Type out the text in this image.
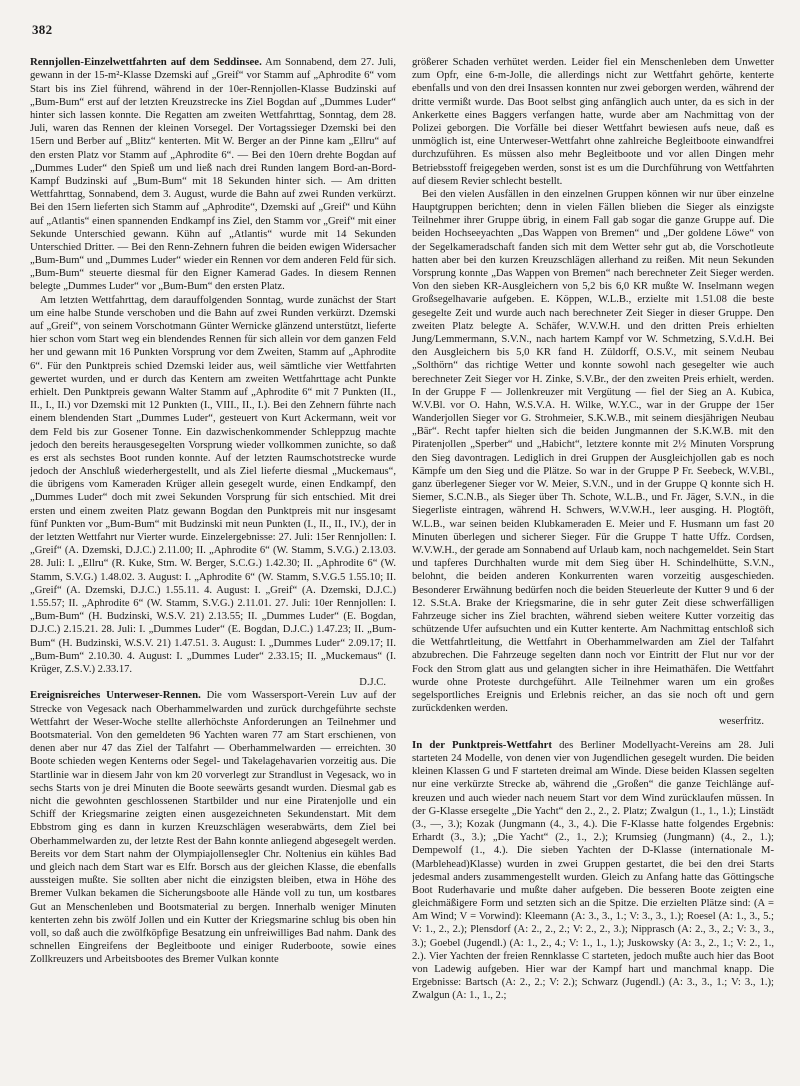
382

Rennjollen-Einzelwettfahrten auf dem Seddinsee. Am Sonnabend, dem 27. Juli, gewann in der 15-m²-Klasse Dzemski auf „Greif“ vor Stamm auf „Aphrodite 6“ vom Start bis ins Ziel führend, während in der 10er-Rennjollen-Klasse Budzinski auf „Bum-Bum“ erst auf der letzten Kreuzstrecke ins Ziel Bogdan auf „Dummes Luder“ hinter sich lassen konnte. Die Regatten am zweiten Wettfahrttag, Sonntag, dem 28. Juli, waren das Rennen der kleinen Vorsegel. Der Vortagssieger Dzemski bei den 15ern und Berber auf „Blitz“ kenterten. Mit W. Berger an der Pinne kam „Ellru“ auf den ersten Platz vor Stamm auf „Aphrodite 6“. — Bei den 10ern drehte Bogdan auf „Dummes Luder“ den Spieß um und ließ nach drei Runden langem Bord-an-Bord-Kampf Budzinski auf „Bum-Bum“ mit 18 Sekunden hinter sich. — Am dritten Wettfahrttag, Sonnabend, dem 3. August, wurde die Bahn auf zwei Runden verkürzt. Bei den 15ern lieferten sich Stamm auf „Aphrodite“, Dzemski auf „Greif“ und Kühn auf „Atlantis“ einen spannenden Endkampf ins Ziel, den Stamm vor „Greif“ mit einer Sekunde Unterschied gewann. Kühn auf „Atlantis“ wurde mit 14 Sekunden Unterschied Dritter. — Bei den Renn-Zehnern fuhren die beiden ewigen Widersacher „Bum-Bum“ und „Dummes Luder“ wieder ein Rennen vor dem anderen Feld für sich. „Bum-Bum“ steuerte diesmal für den Eigner Kamerad Gades. In diesem Rennen belegte „Dummes Luder“ vor „Bum-Bum“ den ersten Platz.

Am letzten Wettfahrttag, dem darauffolgenden Sonntag, wurde zunächst der Start um eine halbe Stunde verschoben und die Bahn auf zwei Runden verkürzt. Dzemski auf „Greif“, von seinem Vorschotmann Günter Wernicke glänzend unterstützt, lieferte hier schon vom Start weg ein blendendes Rennen für sich allein vor dem ganzen Feld her und gewann mit 16 Punkten Vorsprung vor dem Zweiten, Stamm auf „Aphrodite 6“. Für den Punktpreis schied Dzemski leider aus, weil sämtliche vier Wettfahrten gewertet wurden, und er durch das Kentern am zweiten Wettfahrttage acht Punkte erhielt. Den Punktpreis gewann Walter Stamm auf „Aphrodite 6“ mit 7 Punkten (II., II., I., II.) vor Dzemski mit 12 Punkten (I., VIII., II., I.). Bei den Zehnern führte nach einem blendenden Start „Dummes Luder“, gesteuert von Kurt Ackermann, weit vor dem Feld bis zur Gosener Tonne. Ein dazwischenkommender Schleppzug machte jedoch den bereits herausgesegelten Vorsprung wieder vollkommen zunichte, so daß es erst als sechstes Boot runden konnte. Auf der letzten Raumschotstrecke wurde jedoch der Anschluß wiederhergestellt, und als Ziel lieferte diesmal „Muckemaus“, die übrigens vom Kameraden Krüger allein gesegelt wurde, einen Endkampf, den „Dummes Luder“ doch mit zwei Sekunden Vorsprung für sich entschied. Mit drei ersten und einem zweiten Platz gewann Bogdan den Punktpreis mit nur insgesamt fünf Punkten vor „Bum-Bum“ mit Budzinski mit neun Punkten (I., II., II., IV.), der in der letzten Wettfahrt nur Vierter wurde. Einzelergebnisse: 27. Juli: 15er Rennjollen: I. „Greif“ (A. Dzemski, D.J.C.) 2.11.00; II. „Aphrodite 6“ (W. Stamm, S.V.G.) 2.13.03. 28. Juli: I. „Ellru“ (R. Kuke, Stm. W. Berger, S.C.G.) 1.42.30; II. „Aphrodite 6“ (W. Stamm, S.V.G.) 1.48.02. 3. August: I. „Aphrodite 6“ (W. Stamm, S.V.G.5 1.55.10; II. „Greif“ (A. Dzemski, D.J.C.) 1.55.11. 4. August: I. „Greif“ (A. Dzemski, D.J.C.) 1.55.57; II. „Aphrodite 6“ (W. Stamm, S.V.G.) 2.11.01. 27. Juli: 10er Rennjollen: I. „Bum-Bum“ (H. Budzinski, W.S.V. 21) 2.13.55; II. „Dummes Luder“ (E. Bogdan, D.J.C.) 2.15.21. 28. Juli: I. „Dummes Luder“ (E. Bogdan, D.J.C.) 1.47.23; II. „Bum-Bum“ (H. Budzinski, W.S.V. 21) 1.47.51. 3. August: I. „Dummes Luder“ 2.09.17; II. „Bum-Bum“ 2.10.30. 4. August: I. „Dummes Luder“ 2.33.15; II. „Muckemaus“ (I. Krüger, Z.S.V.) 2.33.17.

D.J.C.

Ereignisreiches Unterweser-Rennen. Die vom Wassersport-Verein Luv auf der Strecke von Vegesack nach Oberhammelwarden und zurück durchgeführte sechste Wettfahrt der Weser-Woche stellte allerhöchste Anforderungen an Teilnehmer und Bootsmaterial. Von den gemeldeten 96 Yachten waren 77 am Start erschienen, von denen aber nur 47 das Ziel der Talfahrt — Oberhammelwarden — erreichten. 30 Boote schieden wegen Kenterns oder Segel- und Takelagehavarien vorzeitig aus. Die Startlinie war in diesem Jahr von km 20 vorverlegt zur Strandlust in Vegesack, wo in sechs Starts von je drei Minuten die Boote seewärts gesandt wurden. Diesmal gab es nicht die gewohnten geschlossenen Startbilder und nur eine Piratenjolle und ein Schiff der Kriegsmarine zeigten einen ausgezeichneten Sekundenstart. Mit dem Ebbstrom ging es dann in kurzen Kreuzschlägen weserabwärts, dem Ziel bei Oberhammelwarden zu, der letzte Rest der Bahn konnte anliegend abgesegelt werden. Bereits vor dem Start nahm der Olympiajollensegler Chr. Noltenius ein kühles Bad und gleich nach dem Start war es Elfr. Borsch aus der gleichen Klasse, die ebenfalls aussteigen mußte. Sie sollten aber nicht die einzigsten bleiben, etwa in Höhe des Bremer Vulkan bekamen die Sicherungsboote alle Hände voll zu tun, um kostbares Gut an Menschenleben und Bootsmaterial zu bergen. Innerhalb weniger Minuten kenterten zehn bis zwölf Jollen und ein Kutter der Kriegsmarine schlug bis oben hin voll, so daß auch die zwölfköpfige Besatzung ein unfreiwilliges Bad nahm. Dank des schnellen Eingreifens der Begleitboote und einiger Ruderboote, sowie eines Zollkreuzers und Arbeitsbootes des Bremer Vulkan konnte

größerer Schaden verhütet werden. Leider fiel ein Menschenleben dem Unwetter zum Opfr, eine 6-m-Jolle, die allerdings nicht zur Wettfahrt gehörte, kenterte ebenfalls und von den drei Insassen konnten nur zwei geborgen werden, während der dritte vermißt wurde. Das Boot selbst ging anfänglich auch unter, da es sich in der Ankerkette eines Baggers verfangen hatte, wurde aber am Nachmittag von der Polizei geborgen. Die Vorfälle bei dieser Wettfahrt bewiesen aufs neue, daß es unmöglich ist, eine Unterweser-Wettfahrt ohne zahlreiche Begleitboote einwandfrei durchzuführen. Es müssen also mehr Begleitboote und vor allen Dingen mehr Betriebsstoff freigegeben werden, sonst ist es um die Durchführung von Wettfahrten auf diesem Revier schlecht bestellt.

Bei den vielen Ausfällen in den einzelnen Gruppen können wir nur über einzelne Hauptgruppen berichten; denn in vielen Fällen blieben die Sieger als einzigste Teilnehmer ihrer Gruppe übrig, in einem Fall gab sogar die ganze Gruppe auf. Die beiden Hochseeyachten „Das Wappen von Bremen“ und „Der goldene Löwe“ von der Segelkameradschaft fanden sich mit dem Wetter sehr gut ab, die Vorschotleute hatten aber bei den kurzen Kreuzschlägen allerhand zu reißen. Mit neun Sekunden Vorsprung konnte „Das Wappen von Bremen“ nach berechneter Zeit Sieger werden. Von den sieben KR-Ausgleichern von 5,2 bis 6,0 KR mußte W. Inselmann wegen Großsegelhavarie aufgeben. E. Köppen, W.L.B., erzielte mit 1.51.08 die beste gesegelte Zeit und wurde auch nach berechneter Zeit Sieger in dieser Gruppe. Den zweiten Platz belegte A. Schäfer, W.V.W.H. und den dritten Preis erhielten Jung/Lemmermann, S.V.N., nach hartem Kampf vor W. Schmetzing, S.V.d.H. Bei den Ausgleichern bis 5,0 KR fand H. Züldorff, O.S.V., mit seinem Neubau „Solthörn“ das richtige Wetter und konnte sowohl nach gesegelter wie auch berechneter Zeit Sieger vor H. Zinke, S.V.Br., der den zweiten Preis erhielt, werden. In der Gruppe F — Jollenkreuzer mit Vergütung — fiel der Sieg an A. Kubica, W.V.Bl. vor O. Hahn, W.S.V.A. H. Wilke, W.Y.C., war in der Gruppe der 15er Wanderjollen Sieger vor G. Strohmeier, S.K.W.B., mit seinem diesjährigen Neubau „Bär“. Recht tapfer hielten sich die beiden Jungmannen der S.K.W.B. mit den Piratenjollen „Sperber“ und „Habicht“, letztere konnte mit 2½ Minuten Vorsprung den Sieg davontragen. Lediglich in drei Gruppen der Ausgleichjollen gab es noch Kämpfe um den Sieg und die Plätze. So war in der Gruppe P Fr. Seebeck, W.V.Bl., ganz überlegener Sieger vor W. Meier, S.V.N., und in der Gruppe Q konnte sich H. Siemer, S.C.N.B., als Sieger über Th. Schote, W.L.B., und Fr. Jäger, S.V.N., in die Siegerliste eintragen, während H. Schwers, W.V.W.H., leer ausging. H. Plogtöft, W.L.B., war seinen beiden Klubkameraden E. Meier und F. Husmann um fast 20 Minuten überlegen und sicherer Sieger. Für die Gruppe T hatte Uffz. Cordsen, W.V.W.H., der gerade am Sonnabend auf Urlaub kam, noch nachgemeldet. Sein Start und tapferes Durchhalten wurde mit dem Sieg über H. Schindelhütte, S.V.N., belohnt, die beiden anderen Konkurrenten waren vorzeitig ausgeschieden. Besonderer Erwähnung bedürfen noch die beiden Steuerleute der Kutter 9 und 6 der 12. S.St.A. Brake der Kriegsmarine, die in sehr guter Zeit diese schwerfälligen Fahrzeuge sicher ins Ziel brachten, während sieben weitere Kutter vorzeitig das schützende Ufer aufsuchten und ein Kutter kenterte. Am Nachmittag entschloß sich die Wettfahrtleitung, die Wettfahrt in Oberhammelwarden am Ziel der Talfahrt abzubrechen. Die Fahrzeuge segelten dann noch vor Eintritt der Flut nur vor der Fock den Strom glatt aus und gelangten sicher in ihre Heimathäfen. Die Wettfahrt wurde ohne Proteste durchgeführt. Alle Teilnehmer waren um ein großes segelsportliches Ereignis und Erlebnis reicher, an das sie noch oft und gern zurückdenken werden.

weserfritz.

In der Punktpreis-Wettfahrt des Berliner Modellyacht-Vereins am 28. Juli starteten 24 Modelle, von denen vier von Jugendlichen gesegelt wurden. Die beiden kleinen Klassen G und F starteten dreimal am Winde. Diese beiden Klassen segelten nur eine verkürzte Strecke ab, während die „Großen“ die ganze Teichlänge auf-kreuzen und auch wieder nach neuem Start vor dem Wind zurücklaufen müssen. In der G-Klasse ersegelte „Die Yacht“ den 2., 2., 2. Platz; Zwalgun (1., 1., 1.); Linstädt (3., —, 3.); Kozak (Jungmann (4., 3., 4.). Die F-Klasse hatte folgendes Ergebnis: Erhardt (3., 3.); „Die Yacht“ (2., 1., 2.); Krumsieg (Jungmann) (4., 2., 1.); Dempewolf (1., 4.). Die sieben Yachten der D-Klasse (internationale M-(Marblehead)Klasse) wurden in zwei Gruppen gestartet, die bei den drei Starts jedesmal anders zusammengestellt wurden. Gleich zu Anfang hatte das Göttingsche Boot Ruderhavarie und mußte daher aufgeben. Die besseren Boote zeigten eine gleichmäßigere Form und setzten sich an die Spitze. Die erzielten Plätze sind: (A = Am Wind; V = Vorwind): Kleemann (A: 3., 3., 1.; V: 3., 3., 1.); Roesel (A: 1., 3., 5.; V: 1., 2., 2.); Plensdorf (A: 2., 2., 2.; V: 2., 2., 3.); Nipprasch (A: 2., 3., 2.; V: 3., 3., 3.); Goebel (Jugendl.) (A: 1., 2., 4.; V: 1., 1., 1.); Juskowsky (A: 3., 2., 1.; V: 2., 1., 2.). Vier Yachten der freien Rennklasse C starteten, jedoch mußte auch hier das Boot von Ladewig aufgeben. Hier war der Kampf hart und manchmal knapp. Die Ergebnisse: Bartsch (A: 2., 2.; V: 2.); Schwarz (Jugendl.) (A: 3., 3., 1.; V: 3., 1.); Zwalgun (A: 1., 1., 2.;
